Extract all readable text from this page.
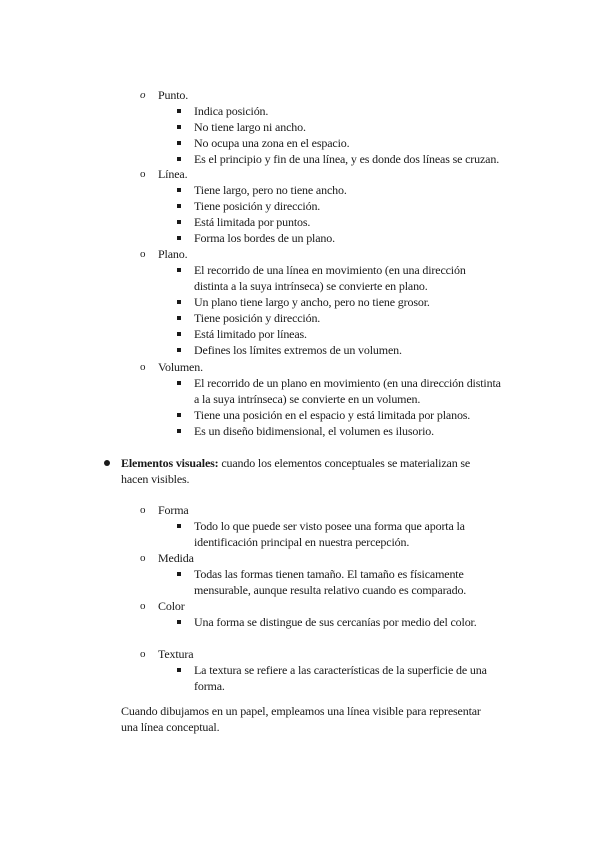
o Punto.
Indica posición.
No tiene largo ni ancho.
No ocupa una zona en el espacio.
Es el principio y fin de una línea, y es donde dos líneas se cruzan.
o Línea.
Tiene largo, pero no tiene ancho.
Tiene posición y dirección.
Está limitada por puntos.
Forma los bordes de un plano.
o Plano.
El recorrido de una línea en movimiento (en una dirección
distinta a la suya intrínseca) se convierte en plano.
Un plano tiene largo y ancho, pero no tiene grosor.
Tiene posición y dirección.
Está limitado por líneas.
Defines los límites extremos de un volumen.
o Volumen.
El recorrido de un plano en movimiento (en una dirección distinta
a la suya intrínseca) se convierte en un volumen.
Tiene una posición en el espacio y está limitada por planos.
Es un diseño bidimensional, el volumen es ilusorio.
Elementos visuales: cuando los elementos conceptuales se materializan se
hacen visibles.
o Forma
Todo lo que puede ser visto posee una forma que aporta la
identificación principal en nuestra percepción.
o Medida
Todas las formas tienen tamaño. El tamaño es físicamente
mensurable, aunque resulta relativo cuando es comparado.
o Color
Una forma se distingue de sus cercanías por medio del color.
o Textura
La textura se refiere a las características de la superficie de una
forma.
Cuando dibujamos en un papel, empleamos una línea visible para representar
una línea conceptual.
